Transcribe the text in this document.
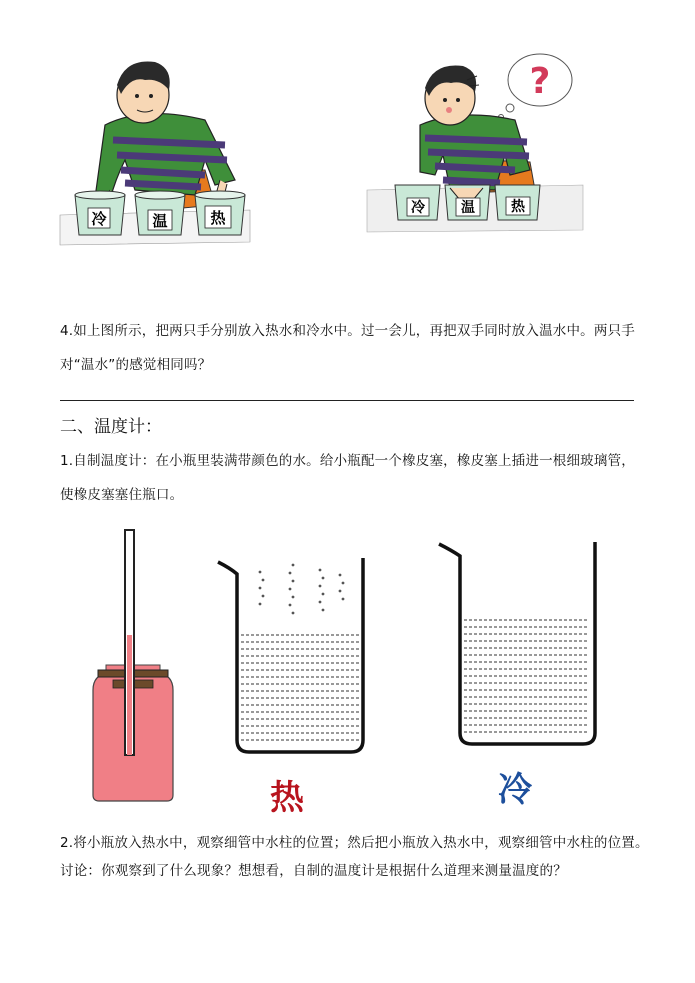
冷	温	热
?
冷	温	热
4.如上图所示，把两只手分别放入热水和冷水中。过一会儿，再把双手同时放入温水中。两只手
对“温水”的感觉相同吗？
二、温度计：
1.自制温度计：在小瓶里装满带颜色的水。给小瓶配一个橡皮塞，橡皮塞上插进一根细玻璃管，
使橡皮塞塞住瓶口。
热	冷
2.将小瓶放入热水中，观察细管中水柱的位置；然后把小瓶放入热水中，观察细管中水柱的位置。
讨论：你观察到了什么现象？想想看，自制的温度计是根据什么道理来测量温度的？
